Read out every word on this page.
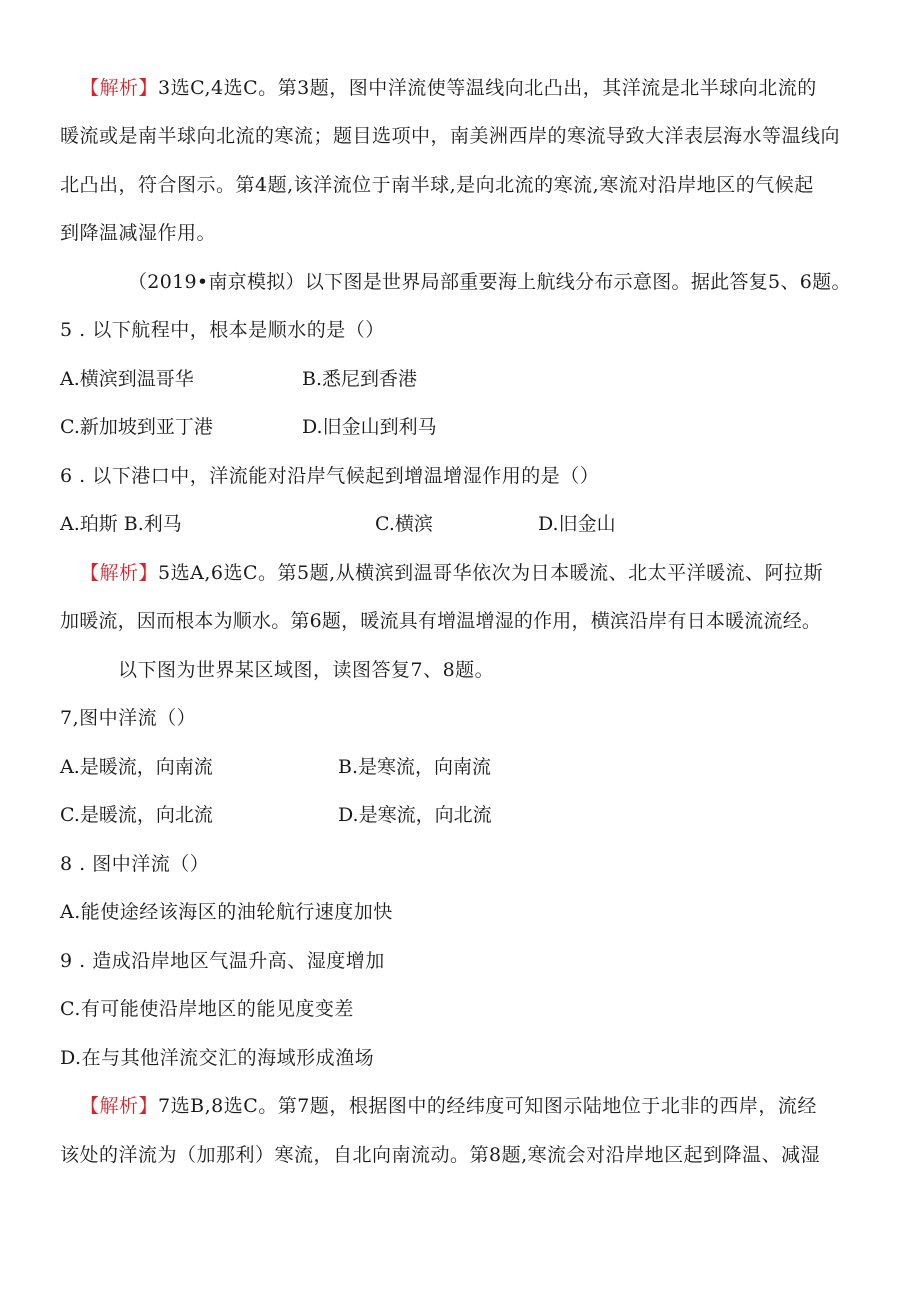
【解析】3选C,4选C。第3题，图中洋流使等温线向北凸出，其洋流是北半球向北流的
暖流或是南半球向北流的寒流；题目选项中，南美洲西岸的寒流导致大洋表层海水等温线向
北凸出，符合图示。第4题,该洋流位于南半球,是向北流的寒流,寒流对沿岸地区的气候起
到降温减湿作用。
（2019•南京模拟）以下图是世界局部重要海上航线分布示意图。据此答复5、6题。
5 . 以下航程中，根本是顺水的是（）
A.横滨到温哥华	B.悉尼到香港
C.新加坡到亚丁港	D.旧金山到利马
6 . 以下港口中，洋流能对沿岸气候起到增温增湿作用的是（）
A.珀斯 B.利马	C.横滨	D.旧金山
【解析】5选A,6选C。第5题,从横滨到温哥华依次为日本暖流、北太平洋暖流、阿拉斯
加暖流，因而根本为顺水。第6题，暖流具有增温增湿的作用，横滨沿岸有日本暖流流经。
以下图为世界某区域图，读图答复7、8题。
7,图中洋流（）
A.是暖流，向南流	B.是寒流，向南流
C.是暖流，向北流	D.是寒流，向北流
8 . 图中洋流（）
A.能使途经该海区的油轮航行速度加快
9 . 造成沿岸地区气温升高、湿度增加
C.有可能使沿岸地区的能见度变差
D.在与其他洋流交汇的海域形成渔场
【解析】7选B,8选C。第7题，根据图中的经纬度可知图示陆地位于北非的西岸，流经
该处的洋流为（加那利）寒流，自北向南流动。第8题,寒流会对沿岸地区起到降温、减湿
